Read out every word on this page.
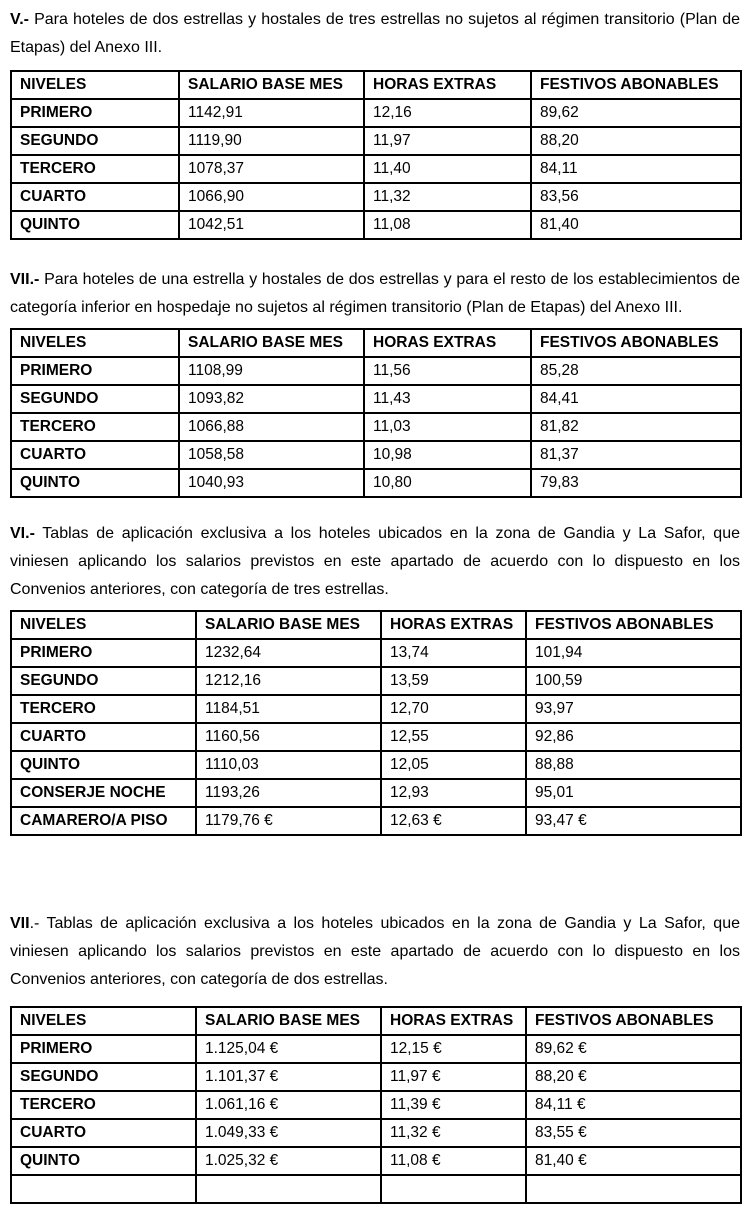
V.- Para hoteles de dos estrellas y hostales de tres estrellas no sujetos al régimen transitorio (Plan de Etapas) del Anexo III.

NIVELES	SALARIO BASE MES	HORAS EXTRAS	FESTIVOS ABONABLES
PRIMERO	1142,91	12,16	89,62
SEGUNDO	1119,90	11,97	88,20
TERCERO	1078,37	11,40	84,11
CUARTO	1066,90	11,32	83,56
QUINTO	1042,51	11,08	81,40

VII.- Para hoteles de una estrella y hostales de dos estrellas y para el resto de los establecimientos de categoría inferior en hospedaje no sujetos al régimen transitorio (Plan de Etapas) del Anexo III.

NIVELES	SALARIO BASE MES	HORAS EXTRAS	FESTIVOS ABONABLES
PRIMERO	1108,99	11,56	85,28
SEGUNDO	1093,82	11,43	84,41
TERCERO	1066,88	11,03	81,82
CUARTO	1058,58	10,98	81,37
QUINTO	1040,93	10,80	79,83

VI.- Tablas de aplicación exclusiva a los hoteles ubicados en la zona de Gandia y La Safor, que viniesen aplicando los salarios previstos en este apartado de acuerdo con lo dispuesto en los Convenios anteriores, con categoría de tres estrellas.

NIVELES	SALARIO BASE MES	HORAS EXTRAS	FESTIVOS ABONABLES
PRIMERO	1232,64	13,74	101,94
SEGUNDO	1212,16	13,59	100,59
TERCERO	1184,51	12,70	93,97
CUARTO	1160,56	12,55	92,86
QUINTO	1110,03	12,05	88,88
CONSERJE NOCHE	1193,26	12,93	95,01
CAMARERO/A PISO	1179,76 €	12,63 €	93,47 €

VII.- Tablas de aplicación exclusiva a los hoteles ubicados en la zona de Gandia y La Safor, que viniesen aplicando los salarios previstos en este apartado de acuerdo con lo dispuesto en los Convenios anteriores, con categoría de dos estrellas.

NIVELES	SALARIO BASE MES	HORAS EXTRAS	FESTIVOS ABONABLES
PRIMERO	1.125,04 €	12,15 €	89,62 €
SEGUNDO	1.101,37 €	11,97 €	88,20 €
TERCERO	1.061,16 €	11,39 €	84,11 €
CUARTO	1.049,33 €	11,32 €	83,55 €
QUINTO	1.025,32 €	11,08 €	81,40 €
